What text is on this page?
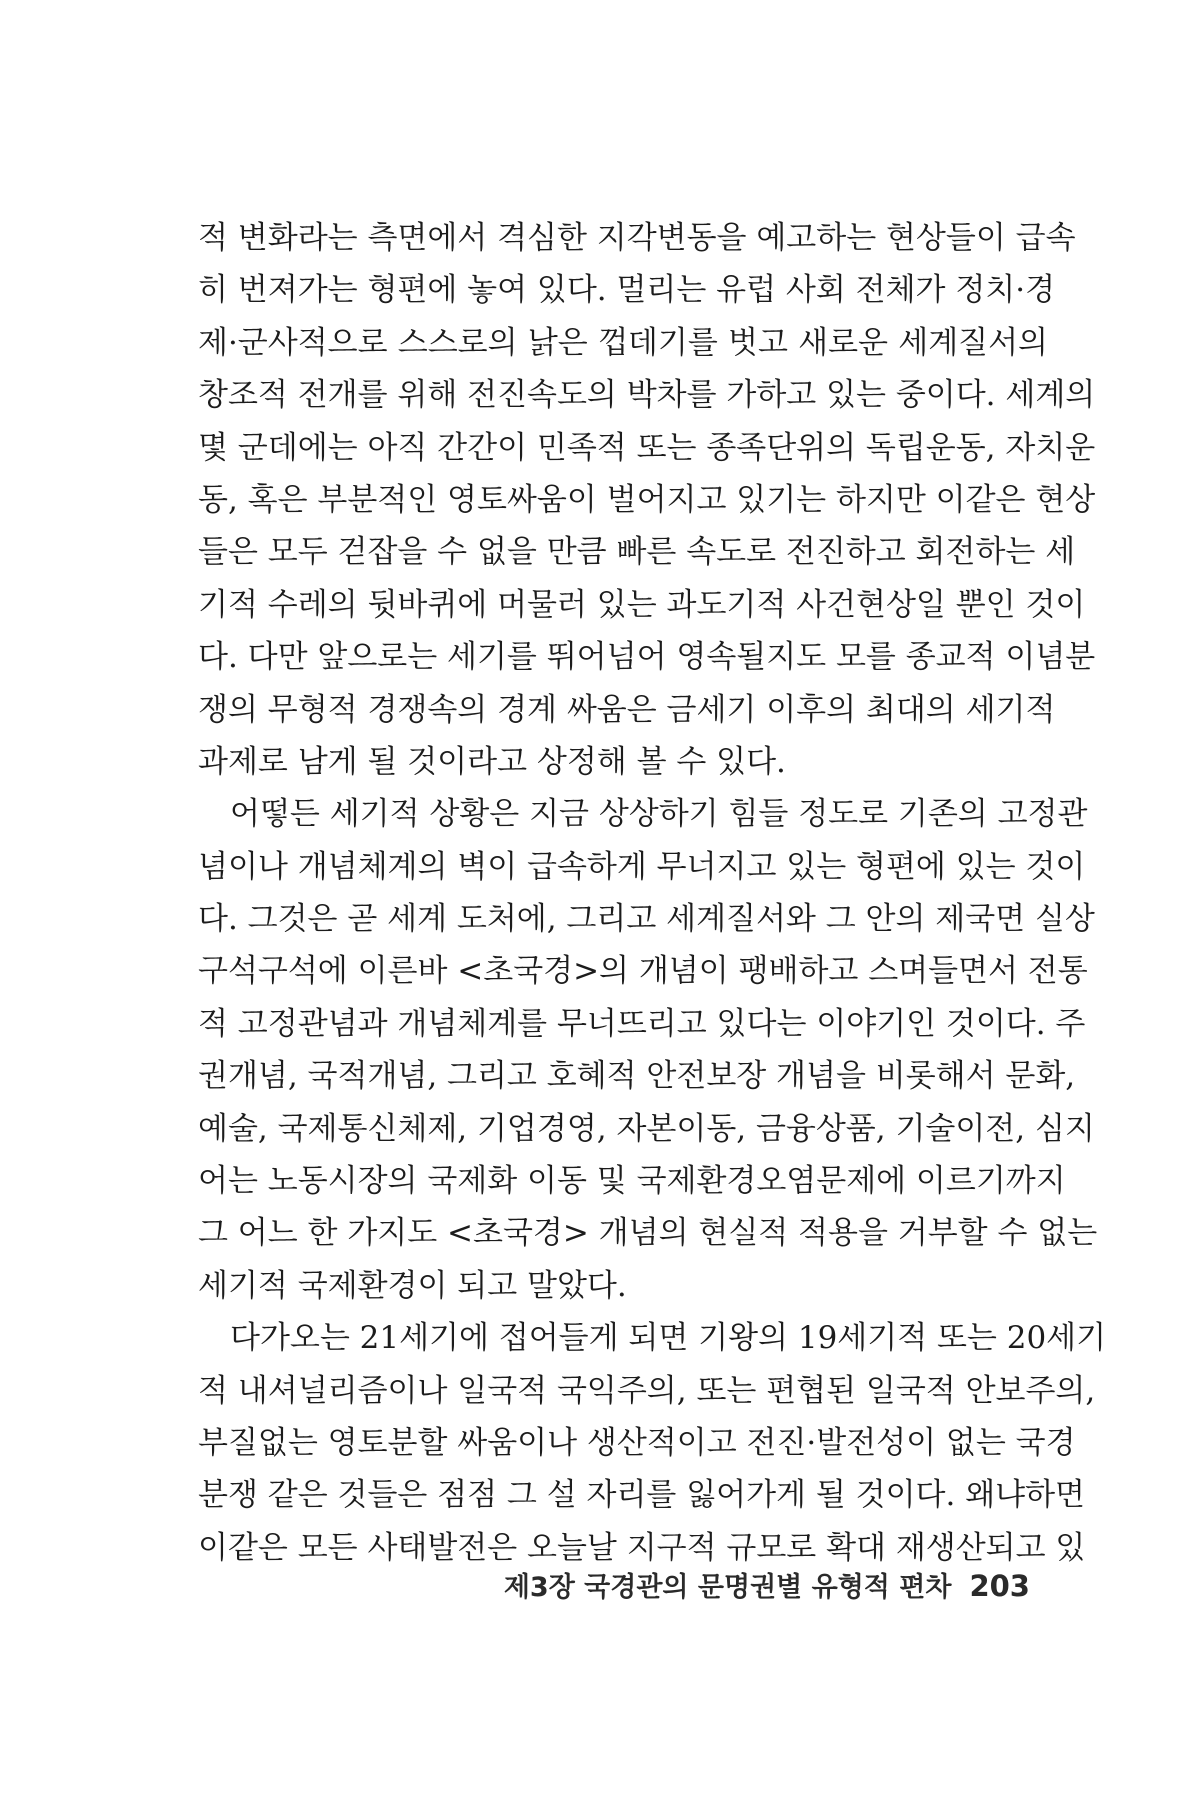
적 변화라는 측면에서 격심한 지각변동을 예고하는 현상들이 급속
히 번져가는 형편에 놓여 있다. 멀리는 유럽 사회 전체가 정치·경
제·군사적으로 스스로의 낡은 껍데기를 벗고 새로운 세계질서의
창조적 전개를 위해 전진속도의 박차를 가하고 있는 중이다. 세계의
몇 군데에는 아직 간간이 민족적 또는 종족단위의 독립운동, 자치운
동, 혹은 부분적인 영토싸움이 벌어지고 있기는 하지만 이같은 현상
들은 모두 걷잡을 수 없을 만큼 빠른 속도로 전진하고 회전하는 세
기적 수레의 뒷바퀴에 머물러 있는 과도기적 사건현상일 뿐인 것이
다. 다만 앞으로는 세기를 뛰어넘어 영속될지도 모를 종교적 이념분
쟁의 무형적 경쟁속의 경계 싸움은 금세기 이후의 최대의 세기적
과제로 남게 될 것이라고 상정해 볼 수 있다.
어떻든 세기적 상황은 지금 상상하기 힘들 정도로 기존의 고정관
념이나 개념체계의 벽이 급속하게 무너지고 있는 형편에 있는 것이
다. 그것은 곧 세계 도처에, 그리고 세계질서와 그 안의 제국면 실상
구석구석에 이른바 <초국경>의 개념이 팽배하고 스며들면서 전통
적 고정관념과 개념체계를 무너뜨리고 있다는 이야기인 것이다. 주
권개념, 국적개념, 그리고 호혜적 안전보장 개념을 비롯해서 문화,
예술, 국제통신체제, 기업경영, 자본이동, 금융상품, 기술이전, 심지
어는 노동시장의 국제화 이동 및 국제환경오염문제에 이르기까지
그 어느 한 가지도 <초국경> 개념의 현실적 적용을 거부할 수 없는
세기적 국제환경이 되고 말았다.
다가오는 21세기에 접어들게 되면 기왕의 19세기적 또는 20세기
적 내셔널리즘이나 일국적 국익주의, 또는 편협된 일국적 안보주의,
부질없는 영토분할 싸움이나 생산적이고 전진·발전성이 없는 국경
분쟁 같은 것들은 점점 그 설 자리를 잃어가게 될 것이다. 왜냐하면
이같은 모든 사태발전은 오늘날 지구적 규모로 확대 재생산되고 있
제3장 국경관의 문명권별 유형적 편차 203
